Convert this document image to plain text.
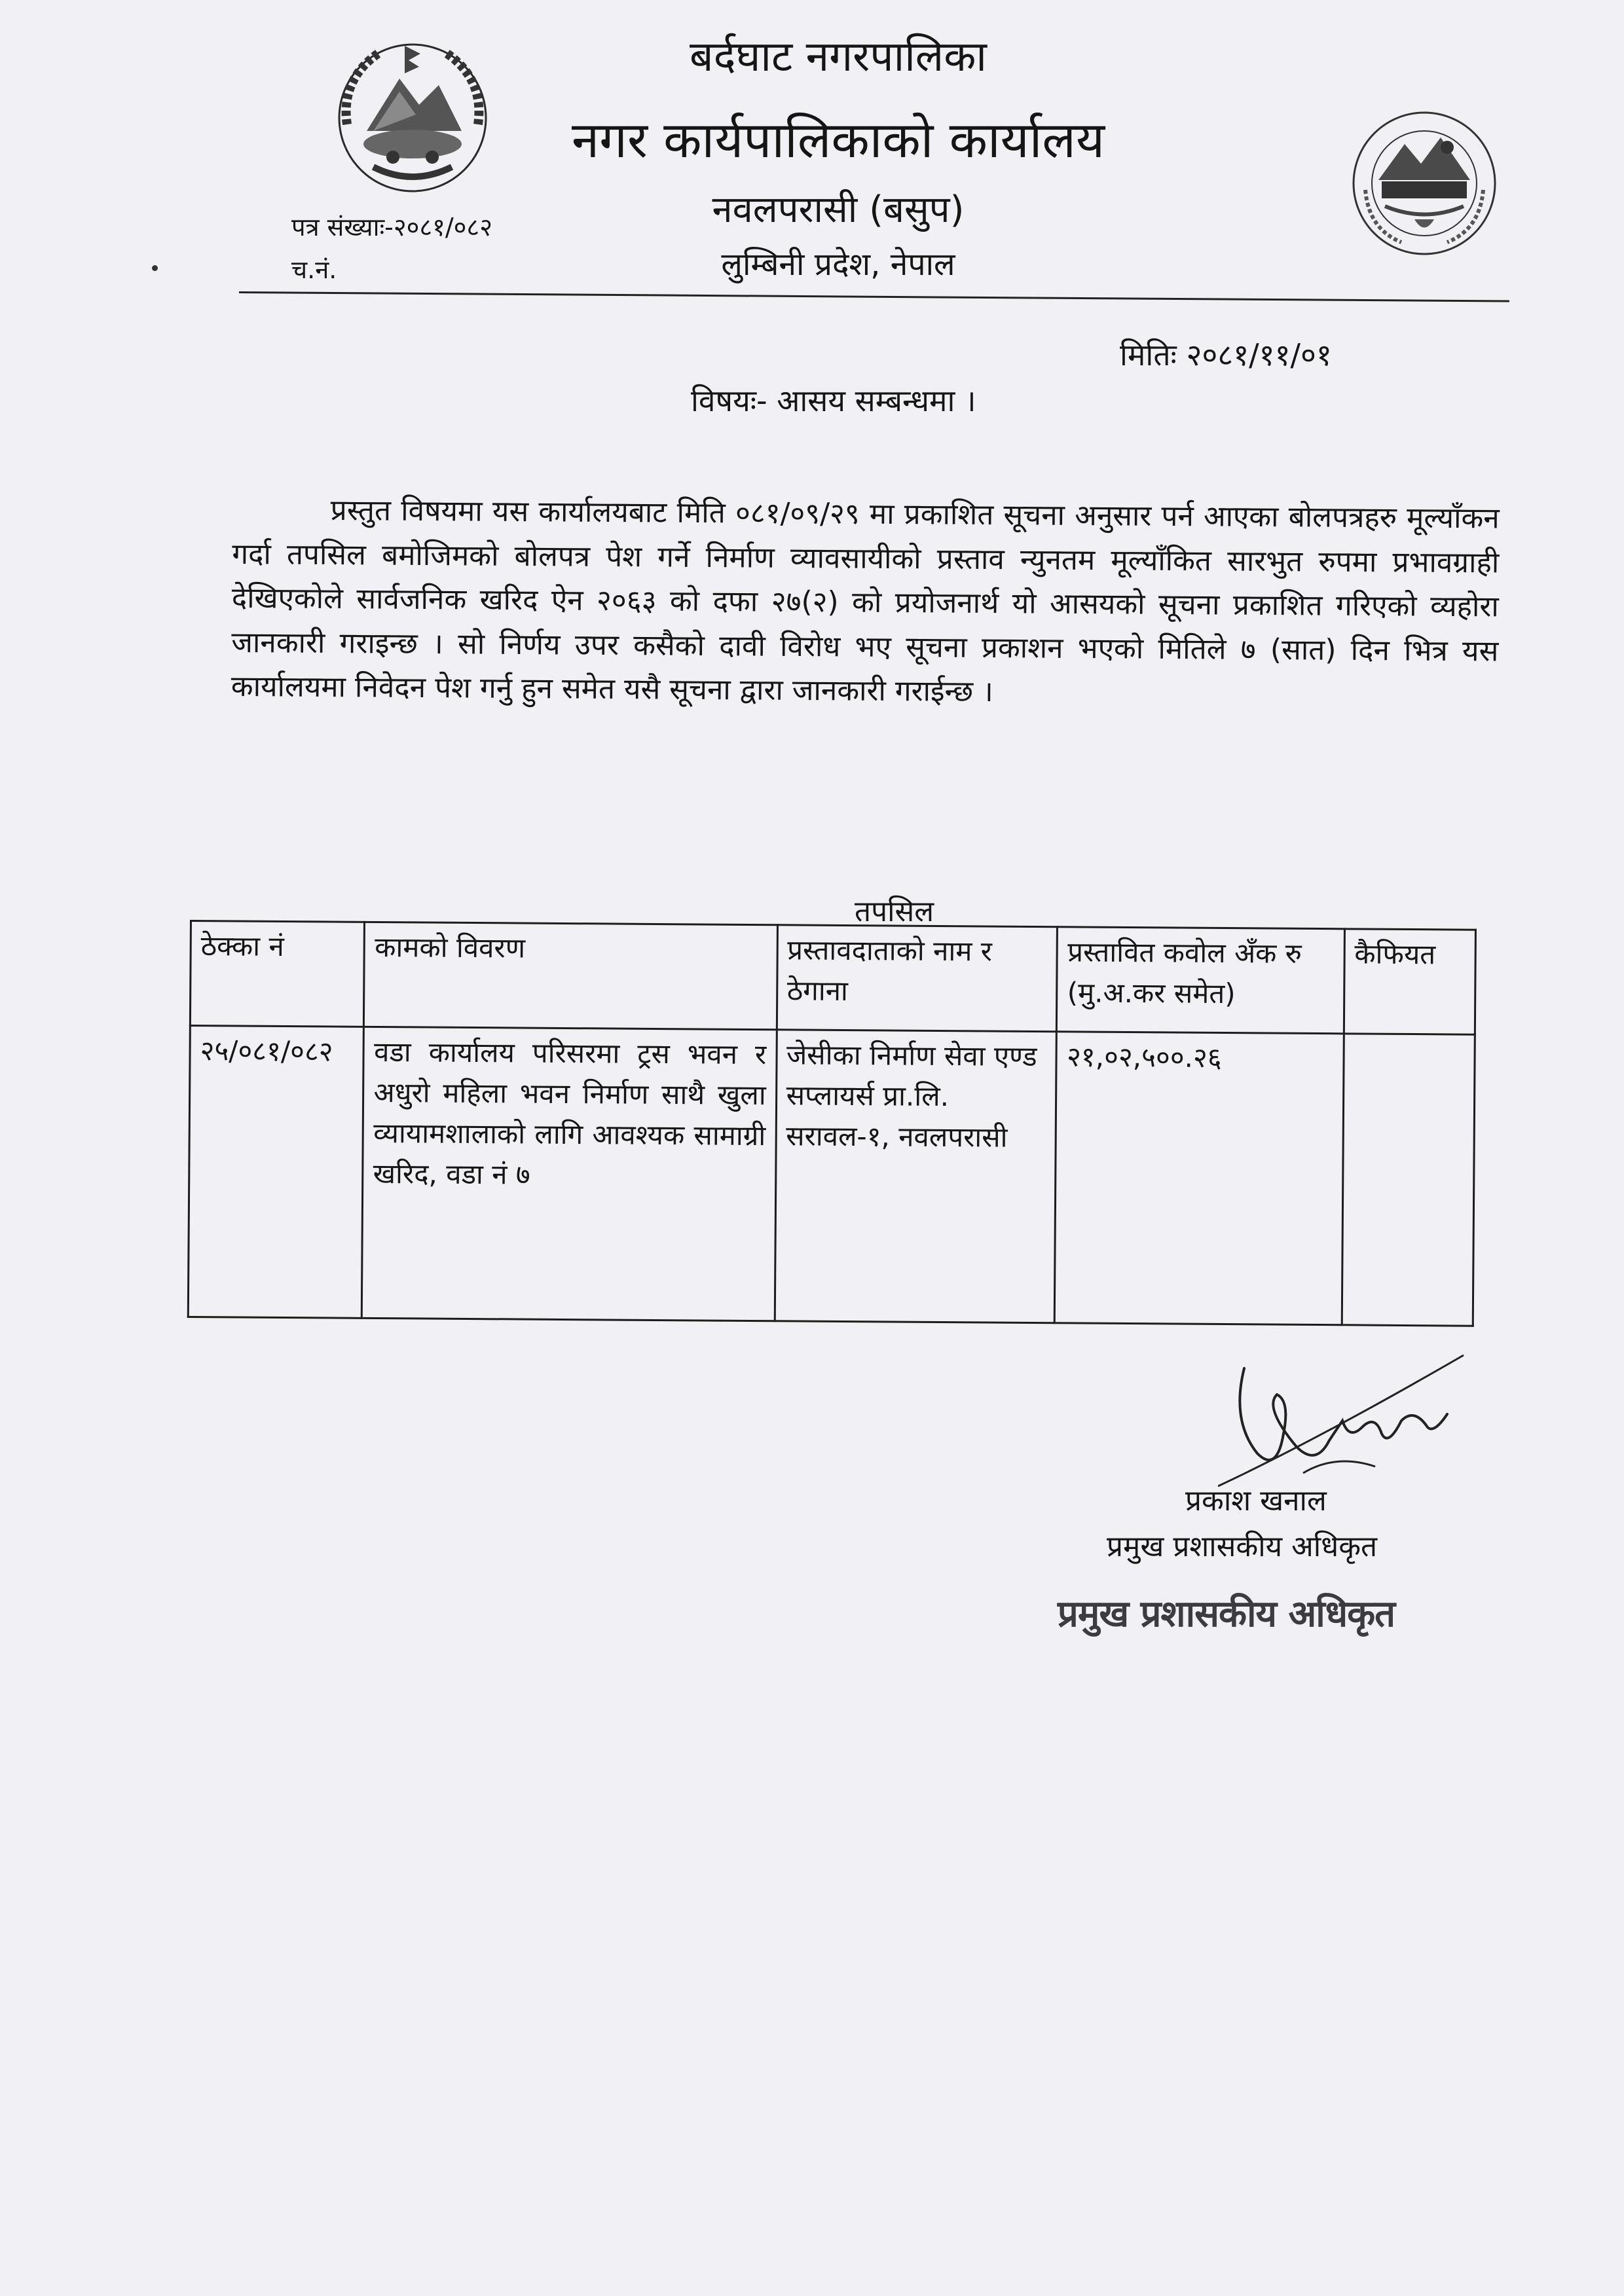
बर्दघाट नगरपालिका
नगर कार्यपालिकाको कार्यालय
नवलपरासी (बसुप)
लुम्बिनी प्रदेश, नेपाल
पत्र संख्याः-२०८१/०८२
च.नं.
मितिः २०८१/११/०१
विषयः- आसय सम्बन्धमा ।
प्रस्तुत विषयमा यस कार्यालयबाट मिति ०८१/०९/२९ मा प्रकाशित सूचना अनुसार पर्न आएका बोलपत्रहरु मूल्याँकन गर्दा तपसिल बमोजिमको बोलपत्र पेश गर्ने निर्माण व्यावसायीको प्रस्ताव न्युनतम मूल्याँकित सारभुत रुपमा प्रभावग्राही देखिएकोले सार्वजनिक खरिद ऐन २०६३ को दफा २७(२) को प्रयोजनार्थ यो आसयको सूचना प्रकाशित गरिएको व्यहोरा जानकारी गराइन्छ । सो निर्णय उपर कसैको दावी विरोध भए सूचना प्रकाशन भएको मितिले ७ (सात) दिन भित्र यस कार्यालयमा निवेदन पेश गर्नु हुन समेत यसै सूचना द्वारा जानकारी गराईन्छ ।
तपसिल
ठेक्का नं	कामको विवरण	प्रस्तावदाताको नाम र ठेगाना	प्रस्तावित कवोल अँक रु (मु.अ.कर समेत)	कैफियत
२५/०८१/०८२	वडा कार्यालय परिसरमा ट्रस भवन र अधुरो महिला भवन निर्माण साथै खुला व्यायामशालाको लागि आवश्यक सामाग्री खरिद, वडा नं ७	जेसीका निर्माण सेवा एण्ड सप्लायर्स प्रा.लि. सरावल-१, नवलपरासी	२१,०२,५००.२६	
प्रकाश खनाल
प्रमुख प्रशासकीय अधिकृत
प्रमुख प्रशासकीय अधिकृत
